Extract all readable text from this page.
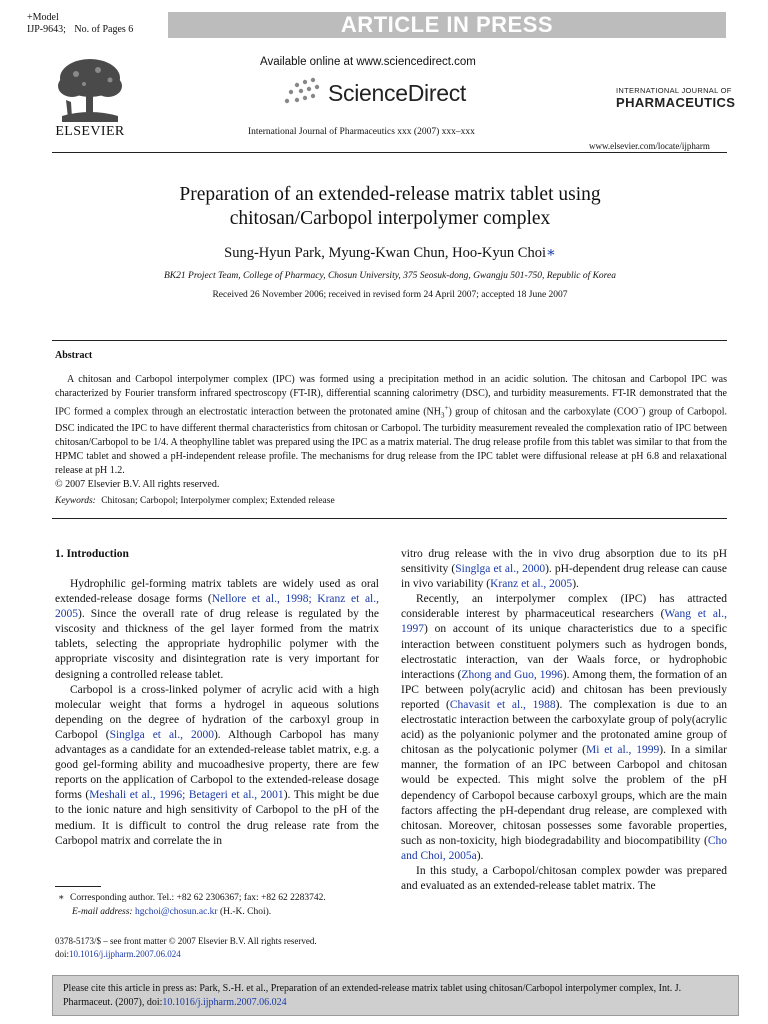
+Model
IJP-9643; No. of Pages 6	ARTICLE IN PRESS
ELSEVIER
Available online at www.sciencedirect.com
ScienceDirect
International Journal of Pharmaceutics xxx (2007) xxx–xxx
INTERNATIONAL JOURNAL OF
PHARMACEUTICS
www.elsevier.com/locate/ijpharm
Preparation of an extended-release matrix tablet using
chitosan/Carbopol interpolymer complex
Sung-Hyun Park, Myung-Kwan Chun, Hoo-Kyun Choi∗
BK21 Project Team, College of Pharmacy, Chosun University, 375 Seosuk-dong, Gwangju 501-750, Republic of Korea
Received 26 November 2006; received in revised form 24 April 2007; accepted 18 June 2007
Abstract
A chitosan and Carbopol interpolymer complex (IPC) was formed using a precipitation method in an acidic solution. The chitosan and Carbopol IPC was characterized by Fourier transform infrared spectroscopy (FT-IR), differential scanning calorimetry (DSC), and turbidity measurements. FT-IR demonstrated that the IPC formed a complex through an electrostatic interaction between the protonated amine $(NH_3^+)$ group of chitosan and the carboxylate (COO−) group of Carbopol. DSC indicated the IPC to have different thermal characteristics from chitosan or Carbopol. The turbidity measurement revealed the complexation ratio of IPC between chitosan/Carbopol to be 1/4. A theophylline tablet was prepared using the IPC as a matrix material. The drug release profile from this tablet was similar to that from the HPMC tablet and showed a pH-independent release profile. The mechanisms for drug release from the IPC tablet were diffusional release at pH 6.8 and relaxational release at pH 1.2.
© 2007 Elsevier B.V. All rights reserved.
Keywords: Chitosan; Carbopol; Interpolymer complex; Extended release
1. Introduction

Hydrophilic gel-forming matrix tablets are widely used as oral extended-release dosage forms (Nellore et al., 1998; Kranz et al., 2005). Since the overall rate of drug release is regulated by the viscosity and thickness of the gel layer formed from the matrix tablets, selecting the appropriate hydrophilic polymer with the appropriate viscosity and disintegration rate is very important for designing a controlled release tablet.

Carbopol is a cross-linked polymer of acrylic acid with a high molecular weight that forms a hydrogel in aqueous solutions depending on the degree of hydration of the carboxyl group in Carbopol (Singlga et al., 2000). Although Carbopol has many advantages as a candidate for an extended-release tablet matrix, e.g. a good gel-forming ability and mucoadhesive property, there are few reports on the application of Carbopol to the extended-release dosage forms (Meshali et al., 1996; Betageri et al., 2001). This might be due to the ionic nature and high sensitivity of Carbopol to the pH of the medium. It is difficult to control the drug release rate from the Carbopol matrix and correlate the in

vitro drug release with the in vivo drug absorption due to its pH sensitivity (Singlga et al., 2000). pH-dependent drug release can cause in vivo variability (Kranz et al., 2005).

Recently, an interpolymer complex (IPC) has attracted considerable interest by pharmaceutical researchers (Wang et al., 1997) on account of its unique characteristics due to a specific interaction between constituent polymers such as hydrogen bonds, electrostatic interaction, van der Waals force, or hydrophobic interactions (Zhong and Guo, 1996). Among them, the formation of an IPC between poly(acrylic acid) and chitosan has been previously reported (Chavasit et al., 1988). The complexation is due to an electrostatic interaction between the carboxylate group of poly(acrylic acid) as the polyanionic polymer and the protonated amine group of chitosan as the polycationic polymer (Mi et al., 1999). In a similar manner, the formation of an IPC between Carbopol and chitosan would be expected. This might solve the problem of the pH dependency of Carbopol because carboxyl groups, which are the main factors affecting the pH-dependant drug release, are complexed with chitosan. Moreover, chitosan possesses some favorable properties, such as non-toxicity, high biodegradability and biocompatibility (Cho and Choi, 2005a).

In this study, a Carbopol/chitosan complex powder was prepared and evaluated as an extended-release tablet matrix. The

∗ Corresponding author. Tel.: +82 62 2306367; fax: +82 62 2283742.
E-mail address: hgchoi@chosun.ac.kr (H.-K. Choi).
0378-5173/$ – see front matter © 2007 Elsevier B.V. All rights reserved.
doi:10.1016/j.ijpharm.2007.06.024
Please cite this article in press as: Park, S.-H. et al., Preparation of an extended-release matrix tablet using chitosan/Carbopol interpolymer complex, Int. J. Pharmaceut. (2007), doi:10.1016/j.ijpharm.2007.06.024
